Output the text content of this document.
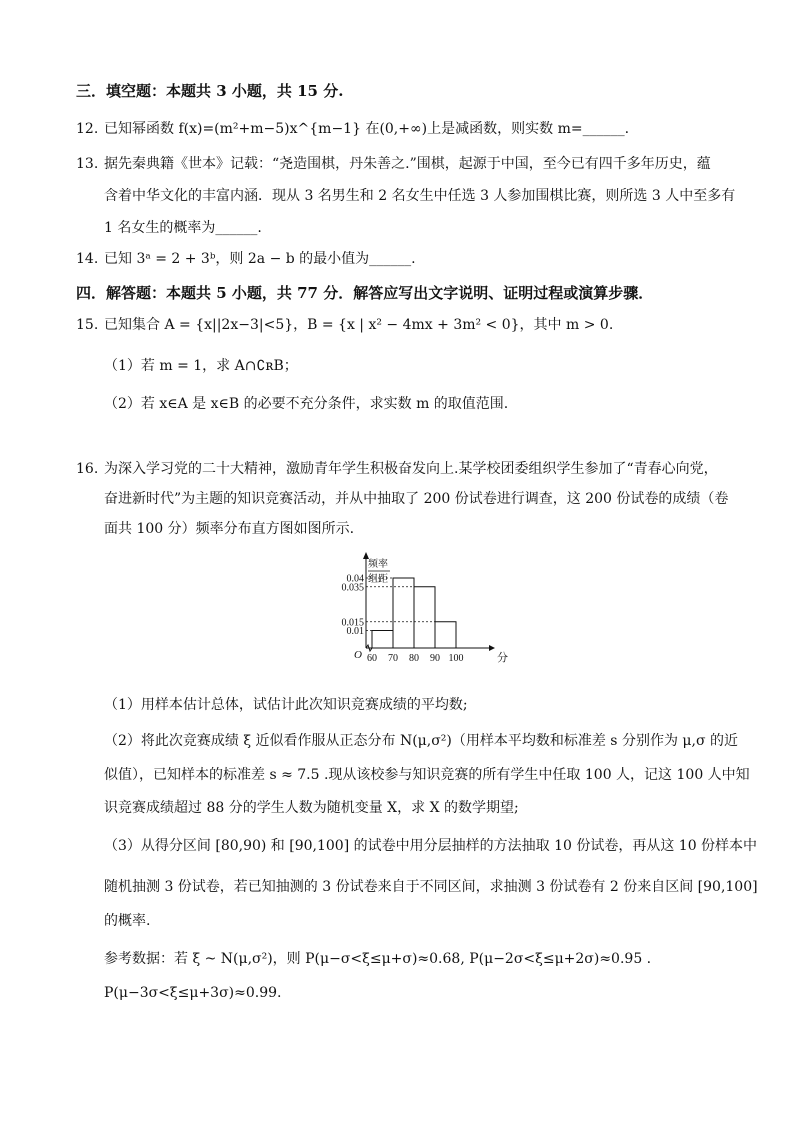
三．填空题：本题共 3 小题，共 15 分.
12. 已知幂函数 f(x)=(m²+m−5)x^{m−1} 在(0,+∞)上是减函数，则实数 m=______.
13. 据先秦典籍《世本》记载：“尧造围棋，丹朱善之.”围棋，起源于中国，至今已有四千多年历史，蕴
含着中华文化的丰富内涵．现从 3 名男生和 2 名女生中任选 3 人参加围棋比赛，则所选 3 人中至多有
1 名女生的概率为______.
14. 已知 3ᵃ = 2 + 3ᵇ，则 2a − b 的最小值为______.
四．解答题：本题共 5 小题，共 77 分．解答应写出文字说明、证明过程或演算步骤．
15. 已知集合 A = {x||2x−3|<5}，B = {x | x² − 4mx + 3m² < 0}，其中 m > 0.
（1）若 m = 1，求 A∩∁ʀB；
（2）若 x∈A 是 x∈B 的必要不充分条件，求实数 m 的取值范围.
16. 为深入学习党的二十大精神，激励青年学生积极奋发向上.某学校团委组织学生参加了“青春心向党，
奋进新时代”为主题的知识竞赛活动，并从中抽取了 200 份试卷进行调查，这 200 份试卷的成绩（卷
面共 100 分）频率分布直方图如图所示.
0.04
0.035
0.015
0.01
60 70 80 90 100
O	分
频率
组距
（1）用样本估计总体，试估计此次知识竞赛成绩的平均数;
（2）将此次竞赛成绩 ξ 近似看作服从正态分布 N(μ,σ²)（用样本平均数和标准差 s 分别作为 μ,σ 的近
似值），已知样本的标准差 s ≈ 7.5 .现从该校参与知识竞赛的所有学生中任取 100 人，记这 100 人中知
识竞赛成绩超过 88 分的学生人数为随机变量 X，求 X 的数学期望;
（3）从得分区间 [80,90) 和 [90,100] 的试卷中用分层抽样的方法抽取 10 份试卷，再从这 10 份样本中
随机抽测 3 份试卷，若已知抽测的 3 份试卷来自于不同区间，求抽测 3 份试卷有 2 份来自区间 [90,100]
的概率.
参考数据：若 ξ ~ N(μ,σ²)，则 P(μ−σ<ξ≤μ+σ)≈0.68, P(μ−2σ<ξ≤μ+2σ)≈0.95 .
P(μ−3σ<ξ≤μ+3σ)≈0.99.
